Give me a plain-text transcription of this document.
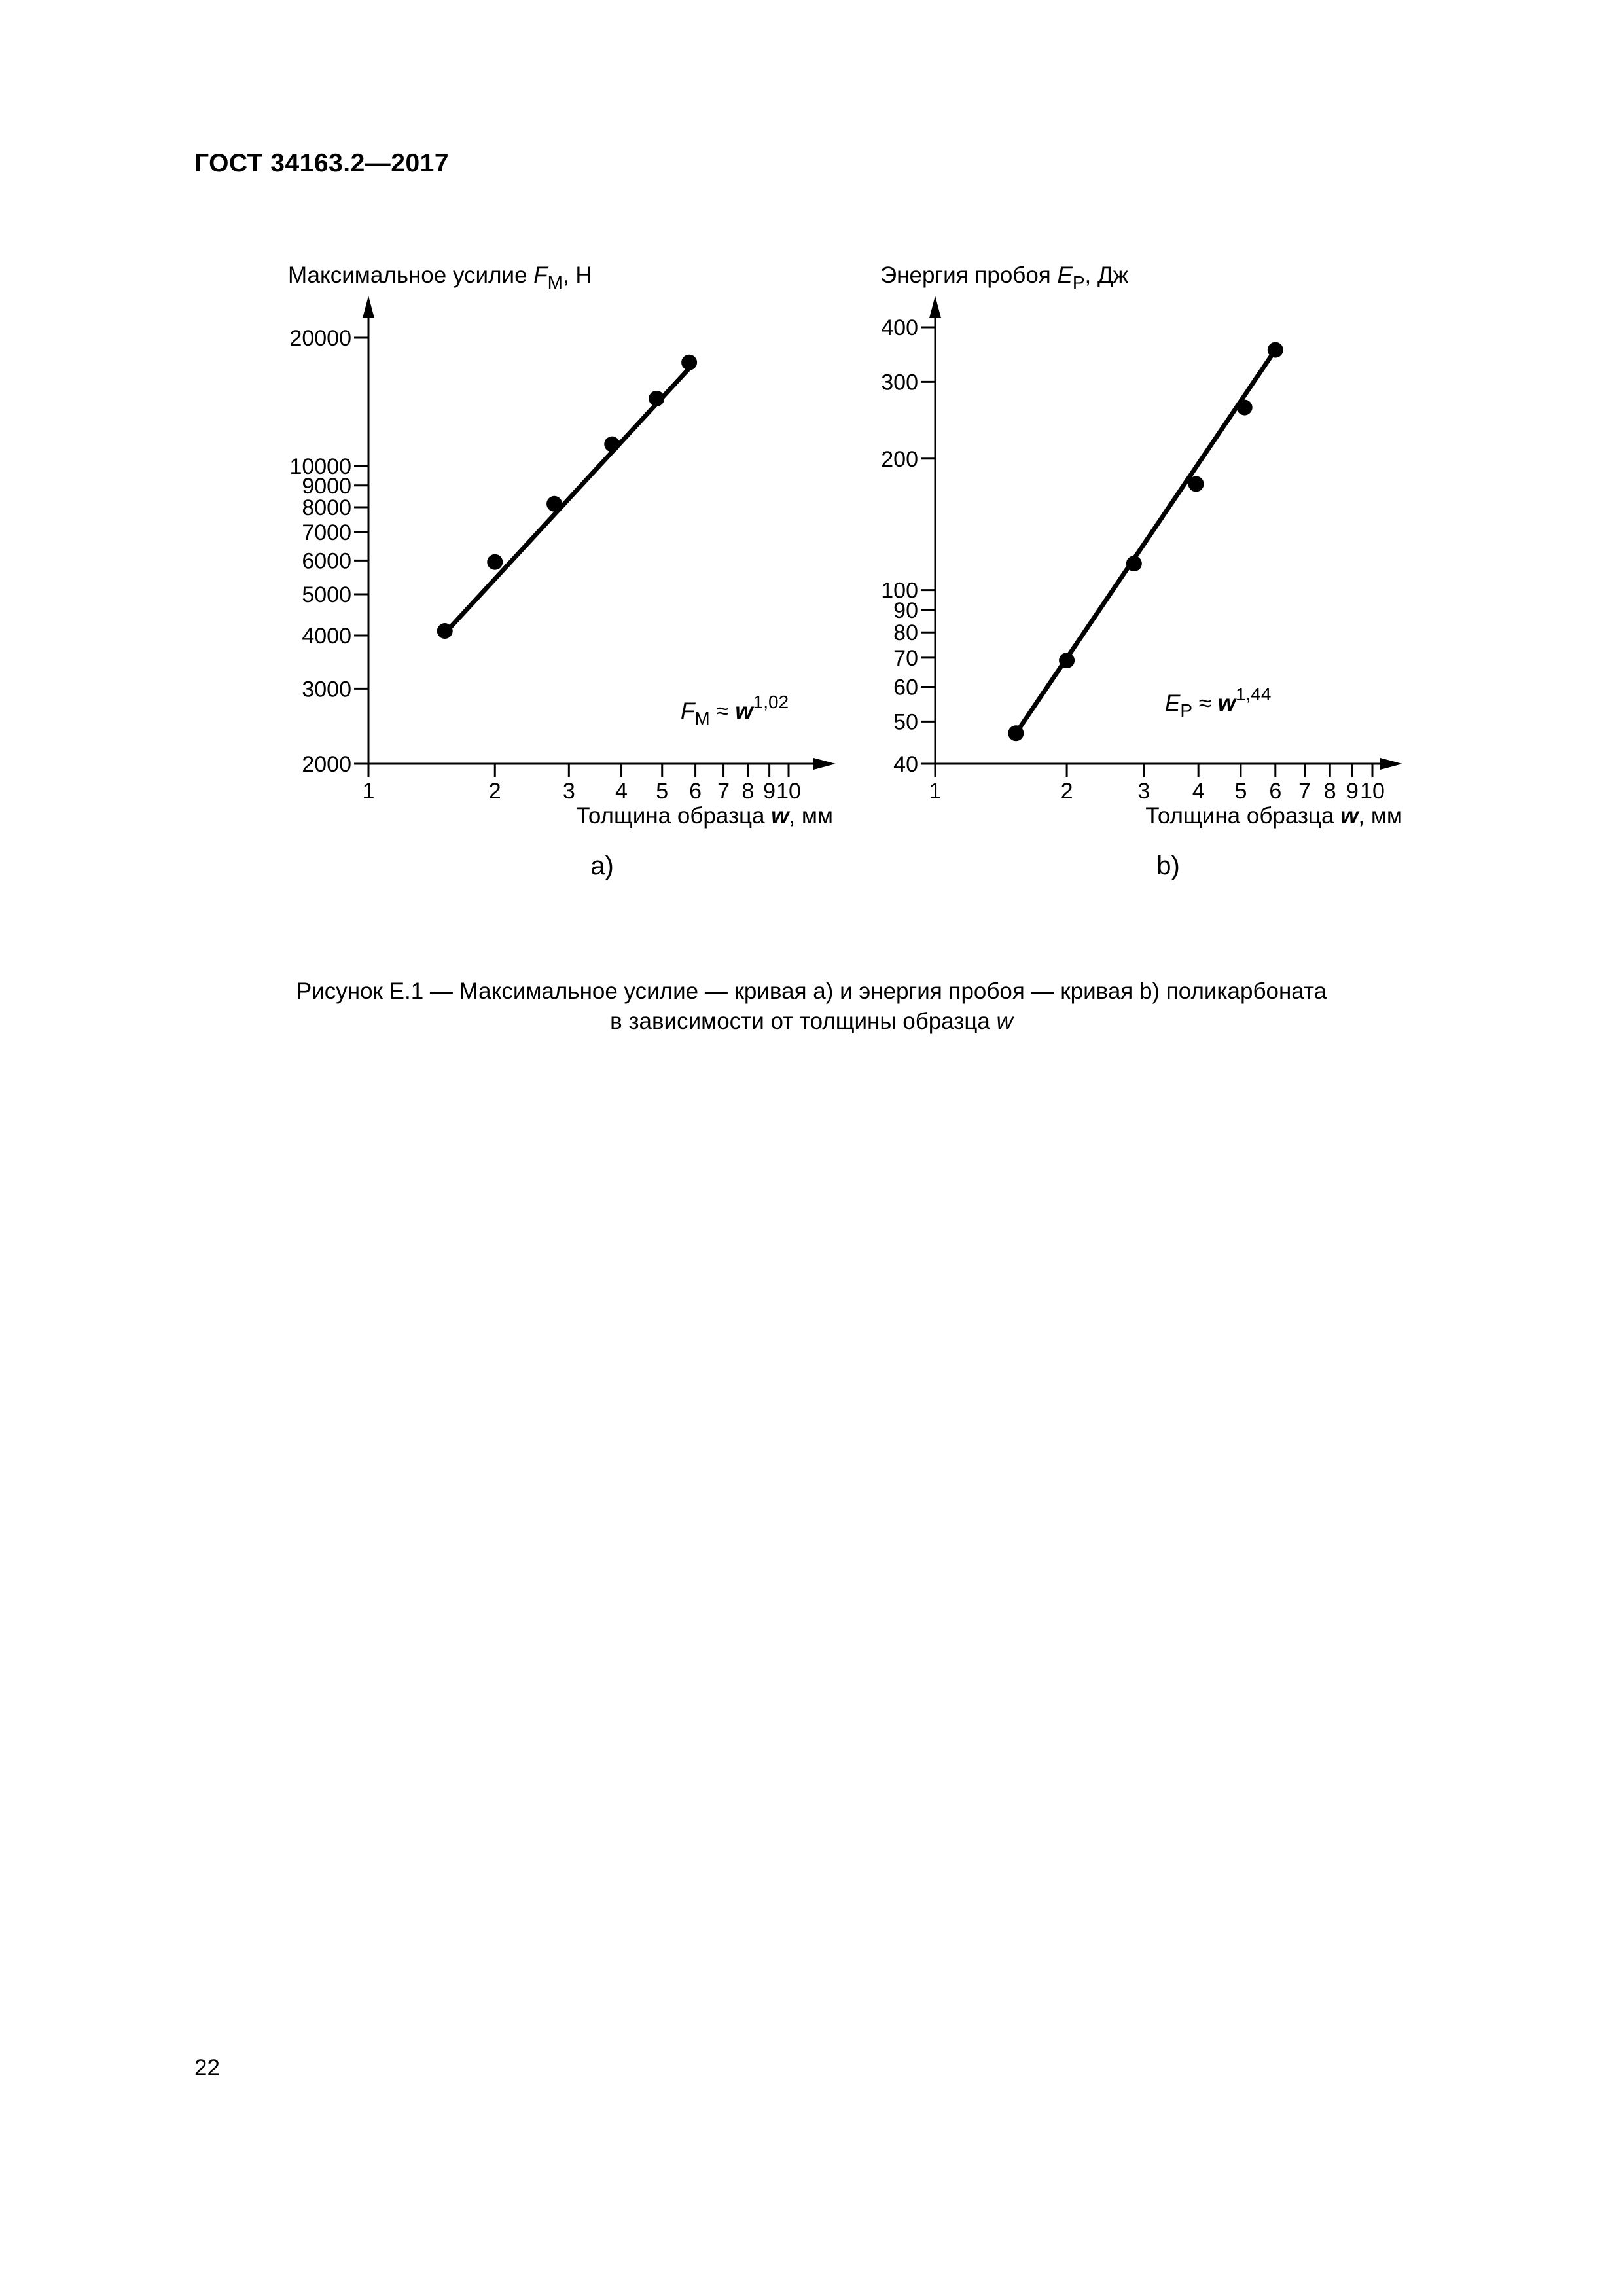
ГОСТ 34163.2—2017
1	2	3 4 5 6 7 8 9 10
2000
3000
4000
5000
6000
7000
8000
9000
10000
20000
Максимальное усилие $F_M$, Н
Толщина образца w, мм
$F_M \approx w^{1,02}$
a)
1	2	3 4 5 6 7 8 9 10
40
50
60
70
80
90
100
200
300
400
Энергия пробоя $E_P$, Дж
Толщина образца w, мм
$E_P \approx w^{1,44}$
b)
Рисунок Е.1 — Максимальное усилие — кривая a) и энергия пробоя — кривая b) поликарбоната
в зависимости от толщины образца w
22
